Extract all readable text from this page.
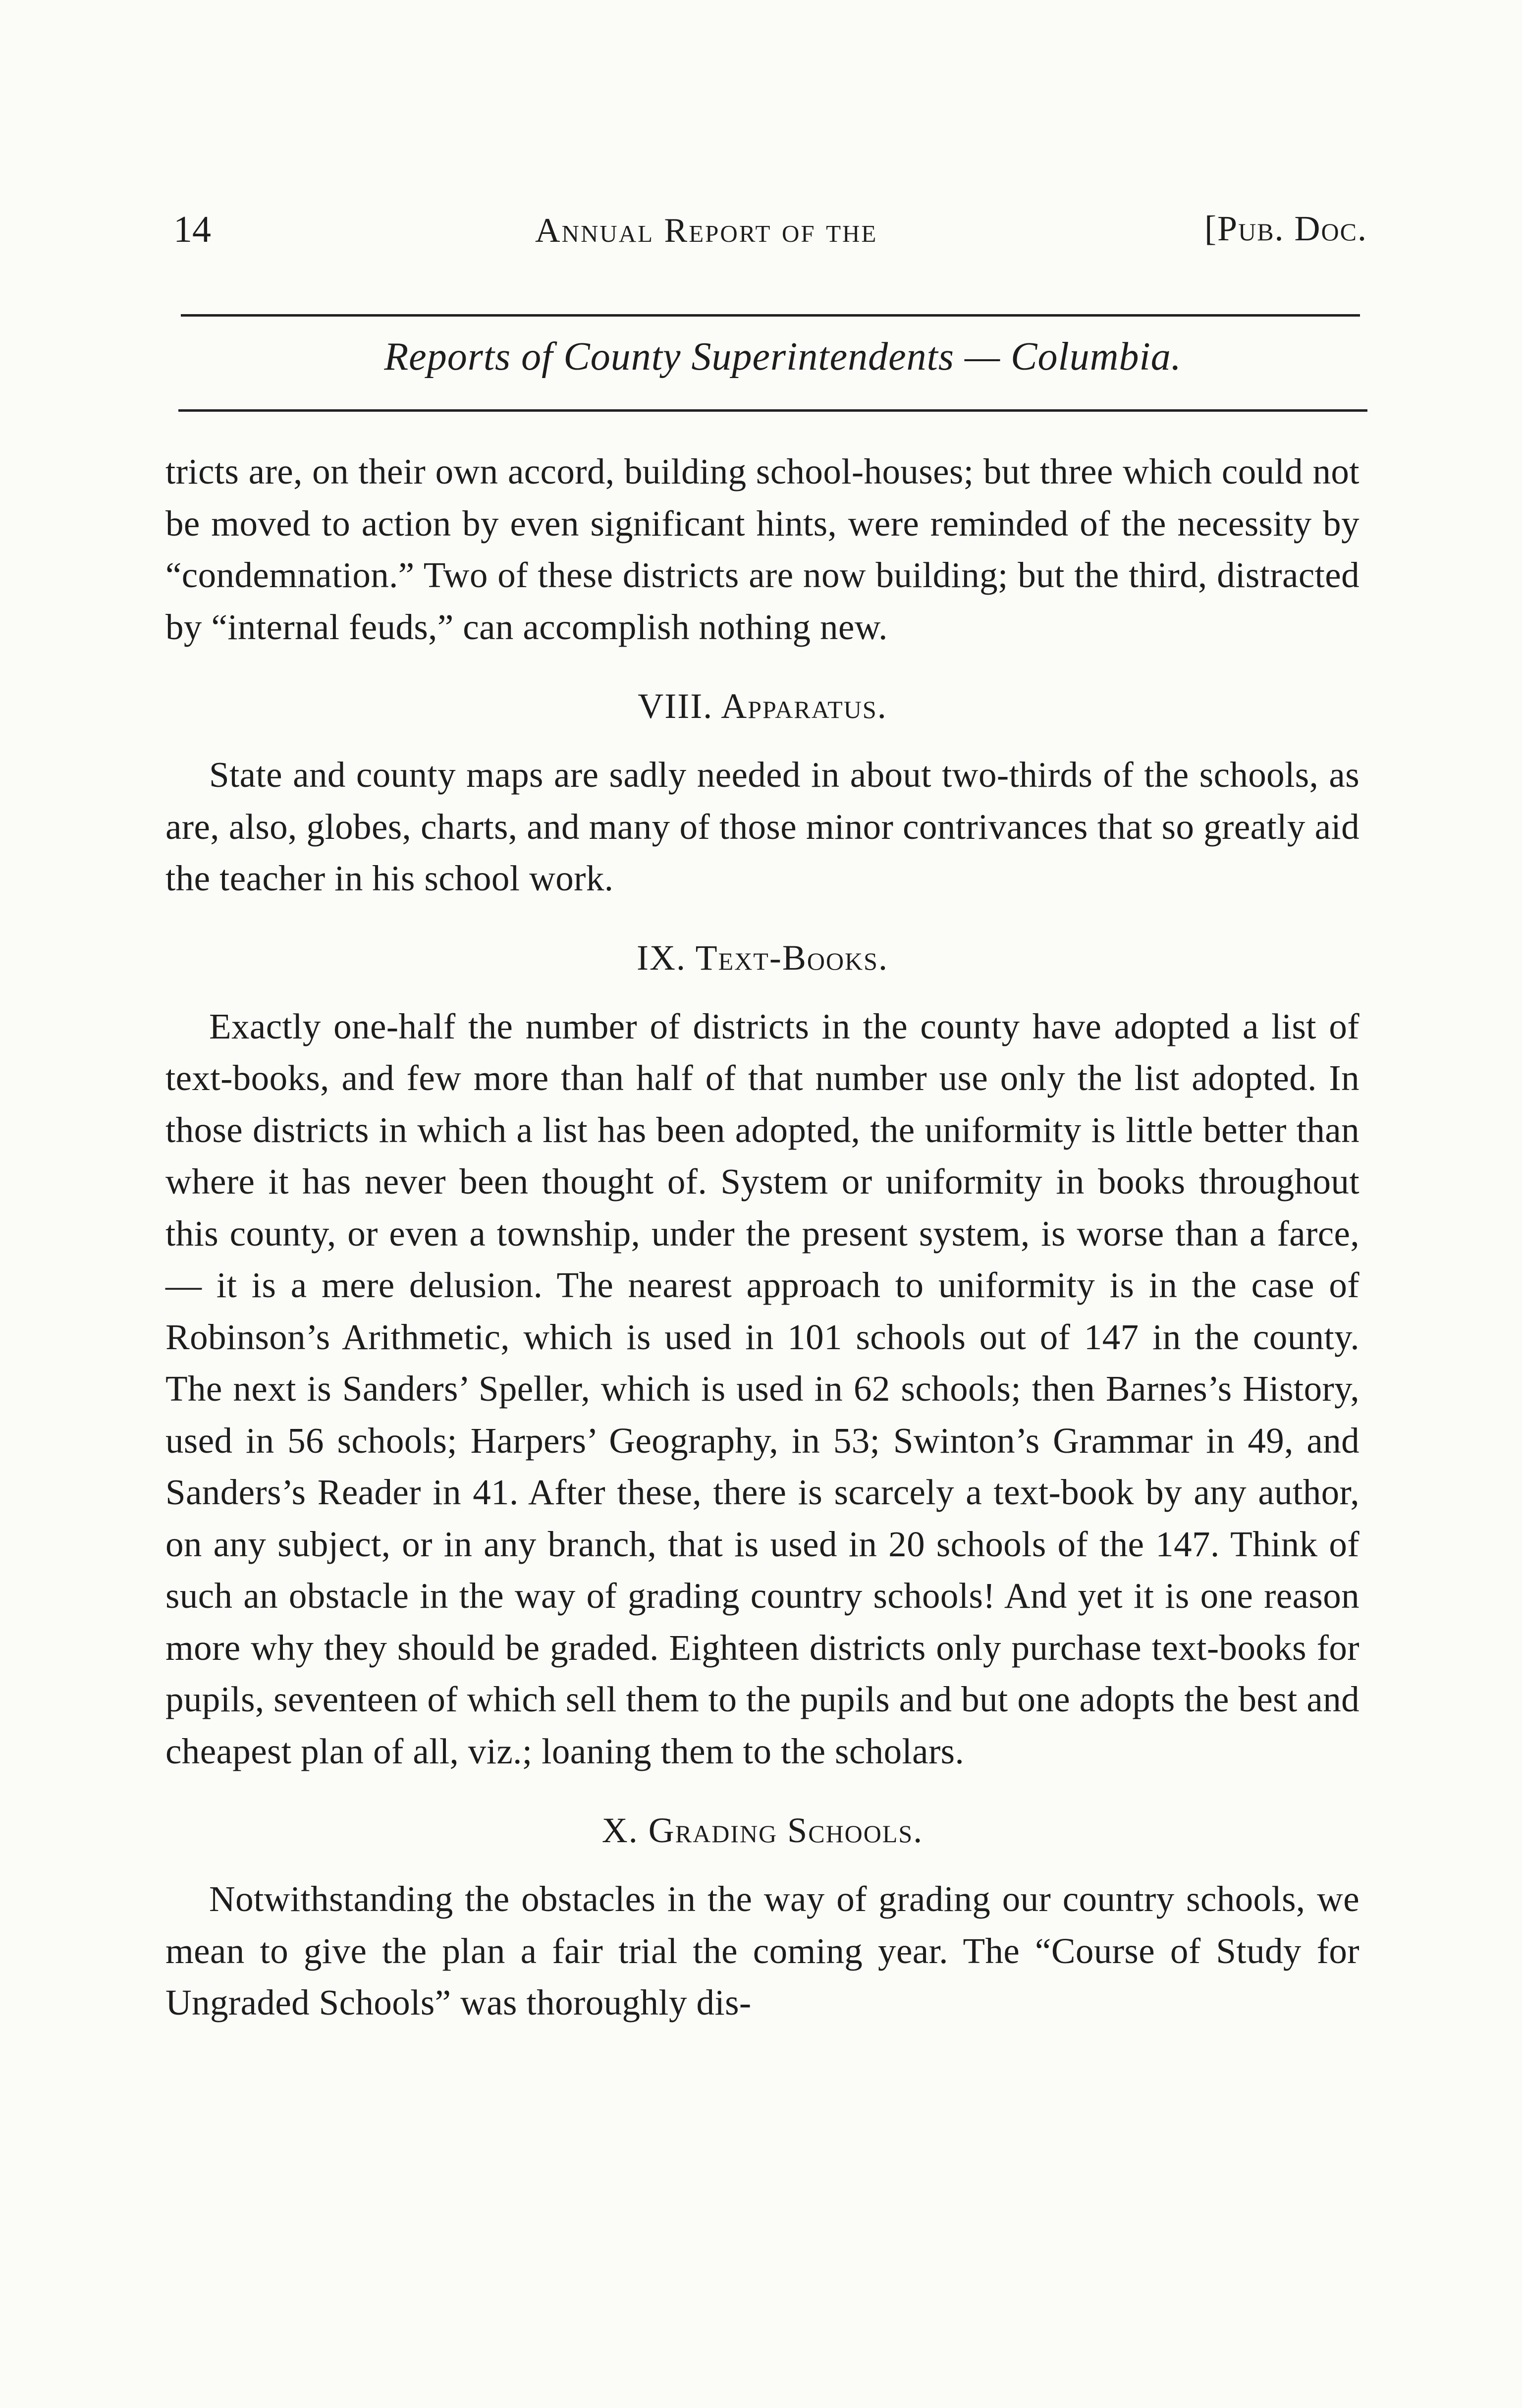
14	Annual Report of the	[Pub. Doc.
Reports of County Superintendents — Columbia.

tricts are, on their own accord, building school-houses; but three which could not be moved to action by even significant hints, were reminded of the necessity by “condemnation.” Two of these districts are now building; but the third, distracted by “internal feuds,” can accomplish nothing new.

VIII. Apparatus.

State and county maps are sadly needed in about two-thirds of the schools, as are, also, globes, charts, and many of those minor contrivances that so greatly aid the teacher in his school work.

IX. Text-Books.

Exactly one-half the number of districts in the county have adopted a list of text-books, and few more than half of that number use only the list adopted. In those districts in which a list has been adopted, the uniformity is little better than where it has never been thought of. System or uniformity in books throughout this county, or even a township, under the present system, is worse than a farce,— it is a mere delusion. The nearest approach to uniformity is in the case of Robinson’s Arithmetic, which is used in 101 schools out of 147 in the county. The next is Sanders’ Speller, which is used in 62 schools; then Barnes’s History, used in 56 schools; Harpers’ Geography, in 53; Swinton’s Grammar in 49, and Sanders’s Reader in 41. After these, there is scarcely a text-book by any author, on any subject, or in any branch, that is used in 20 schools of the 147. Think of such an obstacle in the way of grading country schools! And yet it is one reason more why they should be graded. Eighteen districts only purchase text-books for pupils, seventeen of which sell them to the pupils and but one adopts the best and cheapest plan of all, viz.; loaning them to the scholars.

X. Grading Schools.

Notwithstanding the obstacles in the way of grading our country schools, we mean to give the plan a fair trial the coming year. The “Course of Study for Ungraded Schools” was thoroughly dis-
